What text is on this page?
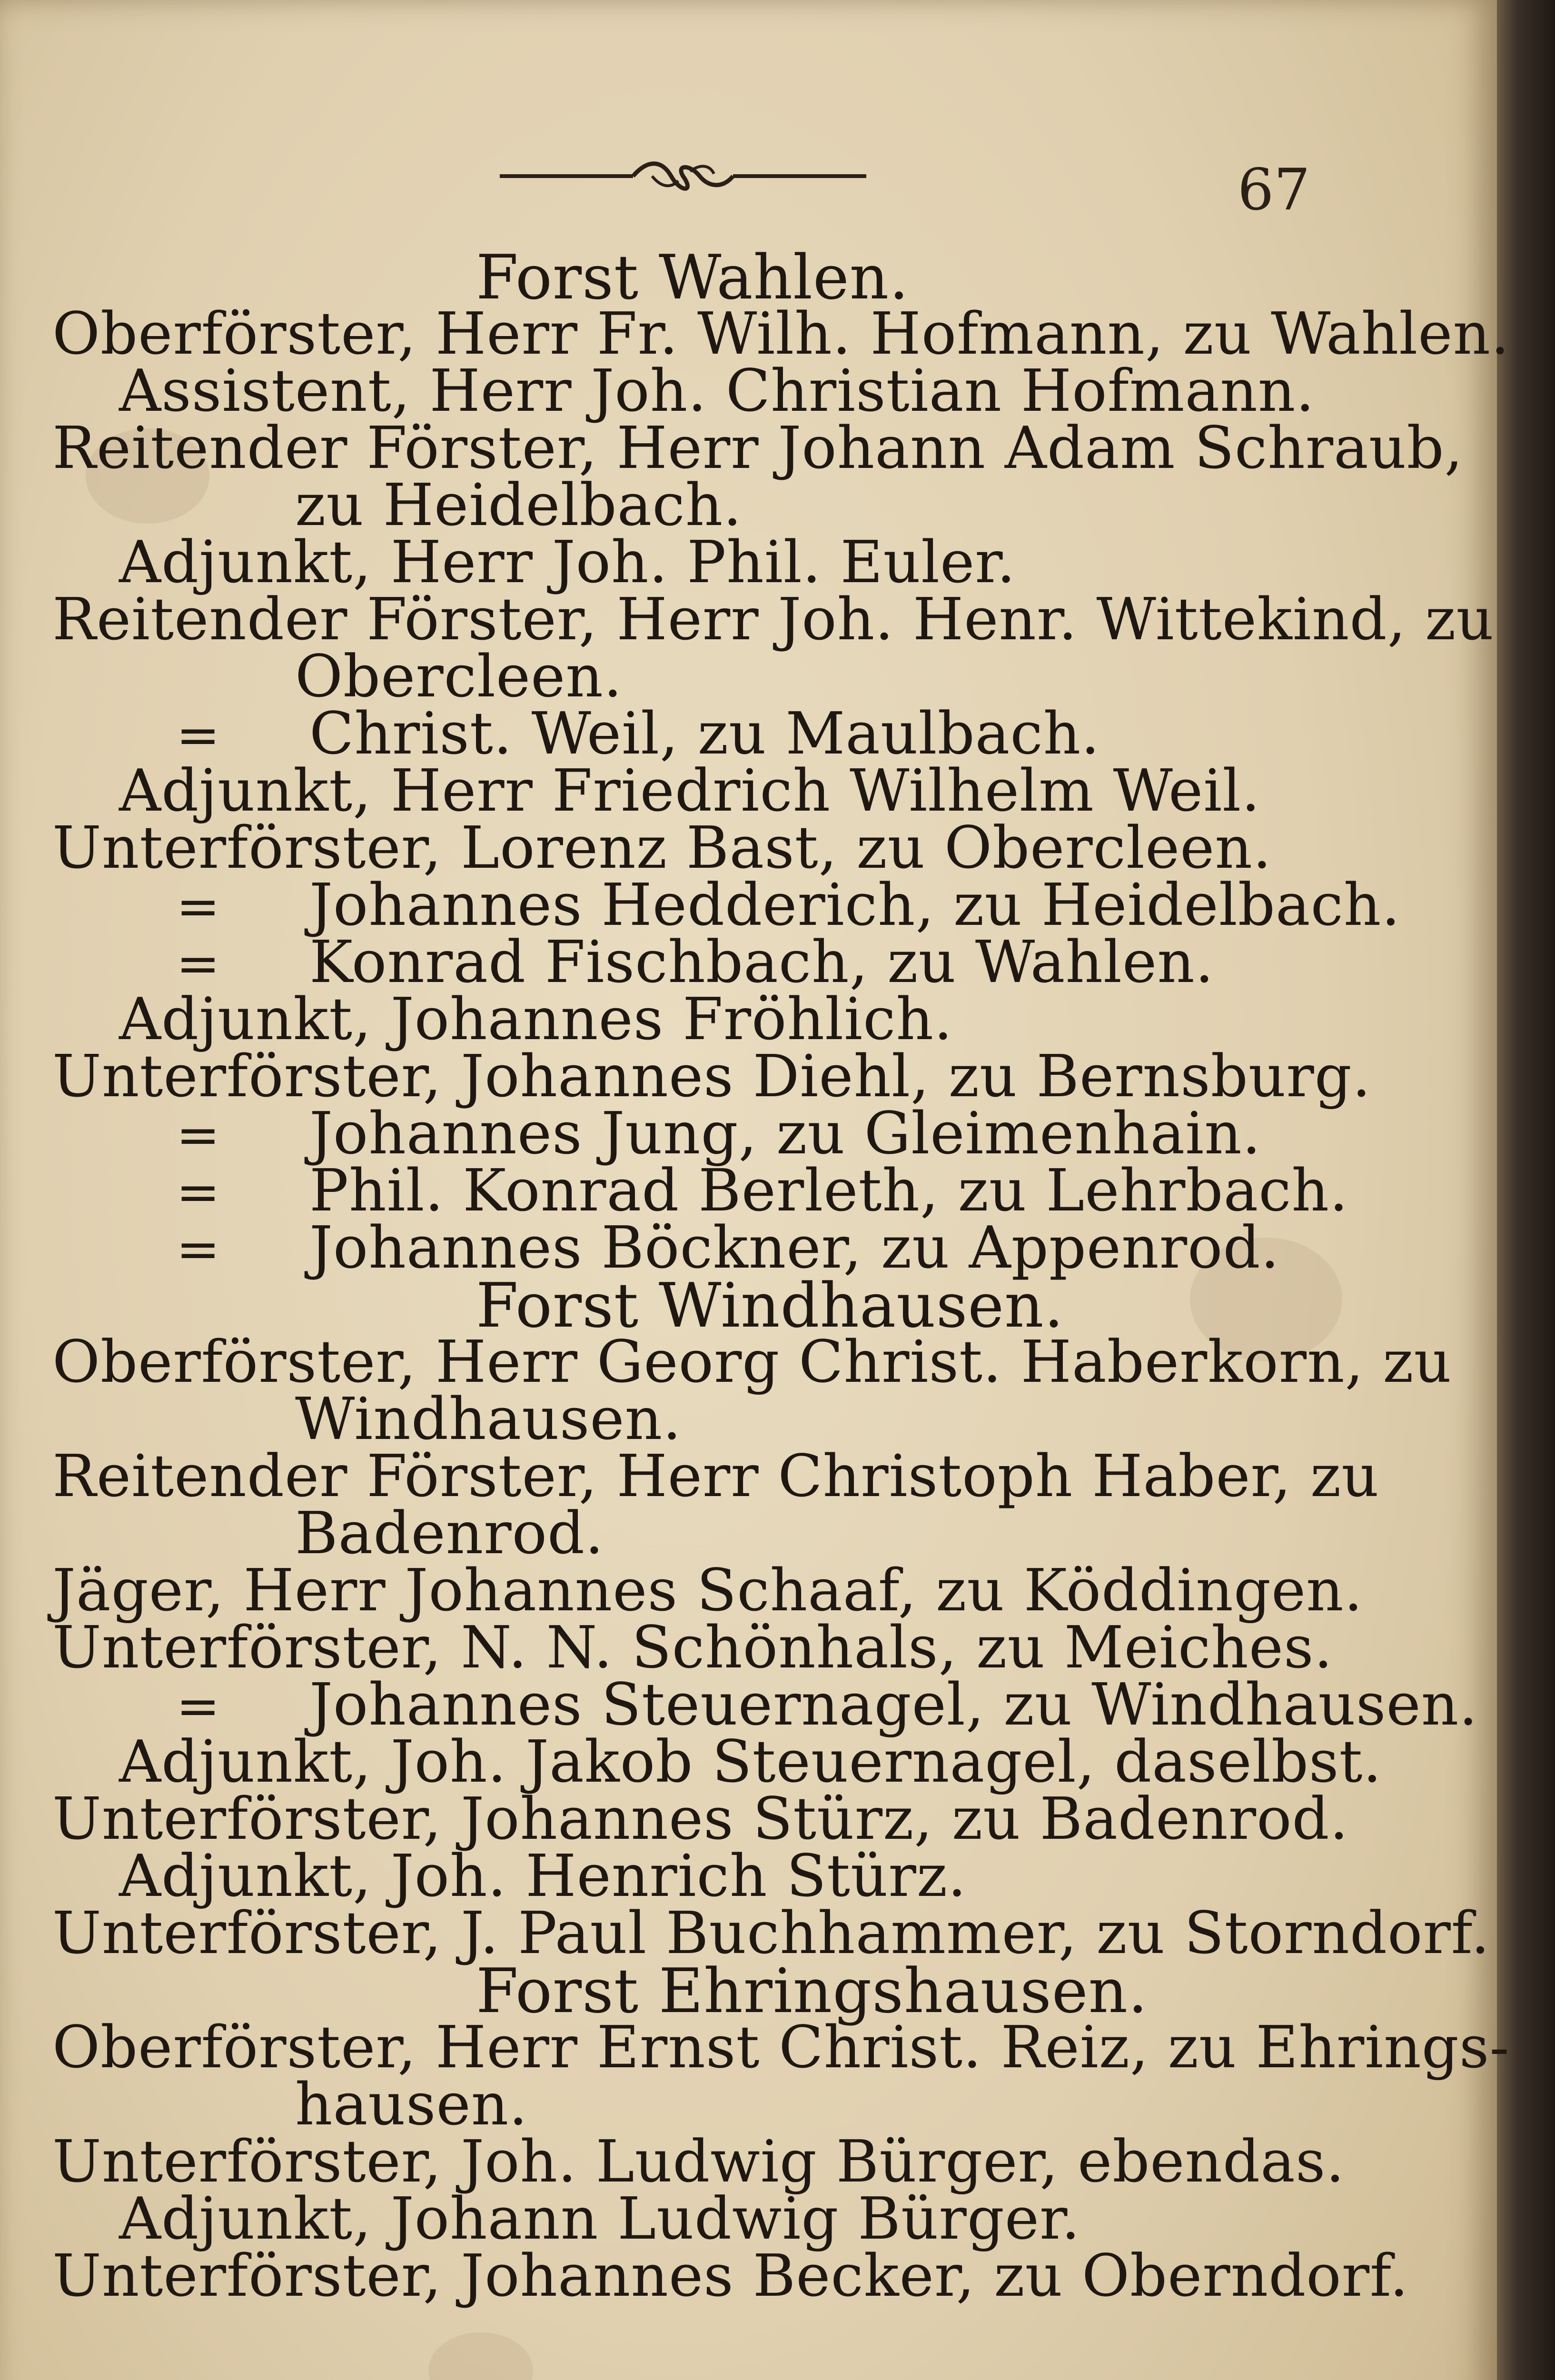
67
Forst Wahlen.
Oberförster, Herr Fr. Wilh. Hofmann, zu Wahlen.
Assistent, Herr Joh. Christian Hofmann.
Reitender Förster, Herr Johann Adam Schraub,
zu Heidelbach.
Adjunkt, Herr Joh. Phil. Euler.
Reitender Förster, Herr Joh. Henr. Wittekind, zu
Obercleen.
= Christ. Weil, zu Maulbach.
Adjunkt, Herr Friedrich Wilhelm Weil.
Unterförster, Lorenz Bast, zu Obercleen.
= Johannes Hedderich, zu Heidelbach.
= Konrad Fischbach, zu Wahlen.
Adjunkt, Johannes Fröhlich.
Unterförster, Johannes Diehl, zu Bernsburg.
= Johannes Jung, zu Gleimenhain.
= Phil. Konrad Berleth, zu Lehrbach.
= Johannes Böckner, zu Appenrod.
Forst Windhausen.
Oberförster, Herr Georg Christ. Haberkorn, zu
Windhausen.
Reitender Förster, Herr Christoph Haber, zu
Badenrod.
Jäger, Herr Johannes Schaaf, zu Köddingen.
Unterförster, N. N. Schönhals, zu Meiches.
= Johannes Steuernagel, zu Windhausen.
Adjunkt, Joh. Jakob Steuernagel, daselbst.
Unterförster, Johannes Stürz, zu Badenrod.
Adjunkt, Joh. Henrich Stürz.
Unterförster, J. Paul Buchhammer, zu Storndorf.
Forst Ehringshausen.
Oberförster, Herr Ernst Christ. Reiz, zu Ehrings-
hausen.
Unterförster, Joh. Ludwig Bürger, ebendas.
Adjunkt, Johann Ludwig Bürger.
Unterförster, Johannes Becker, zu Oberndorf.
